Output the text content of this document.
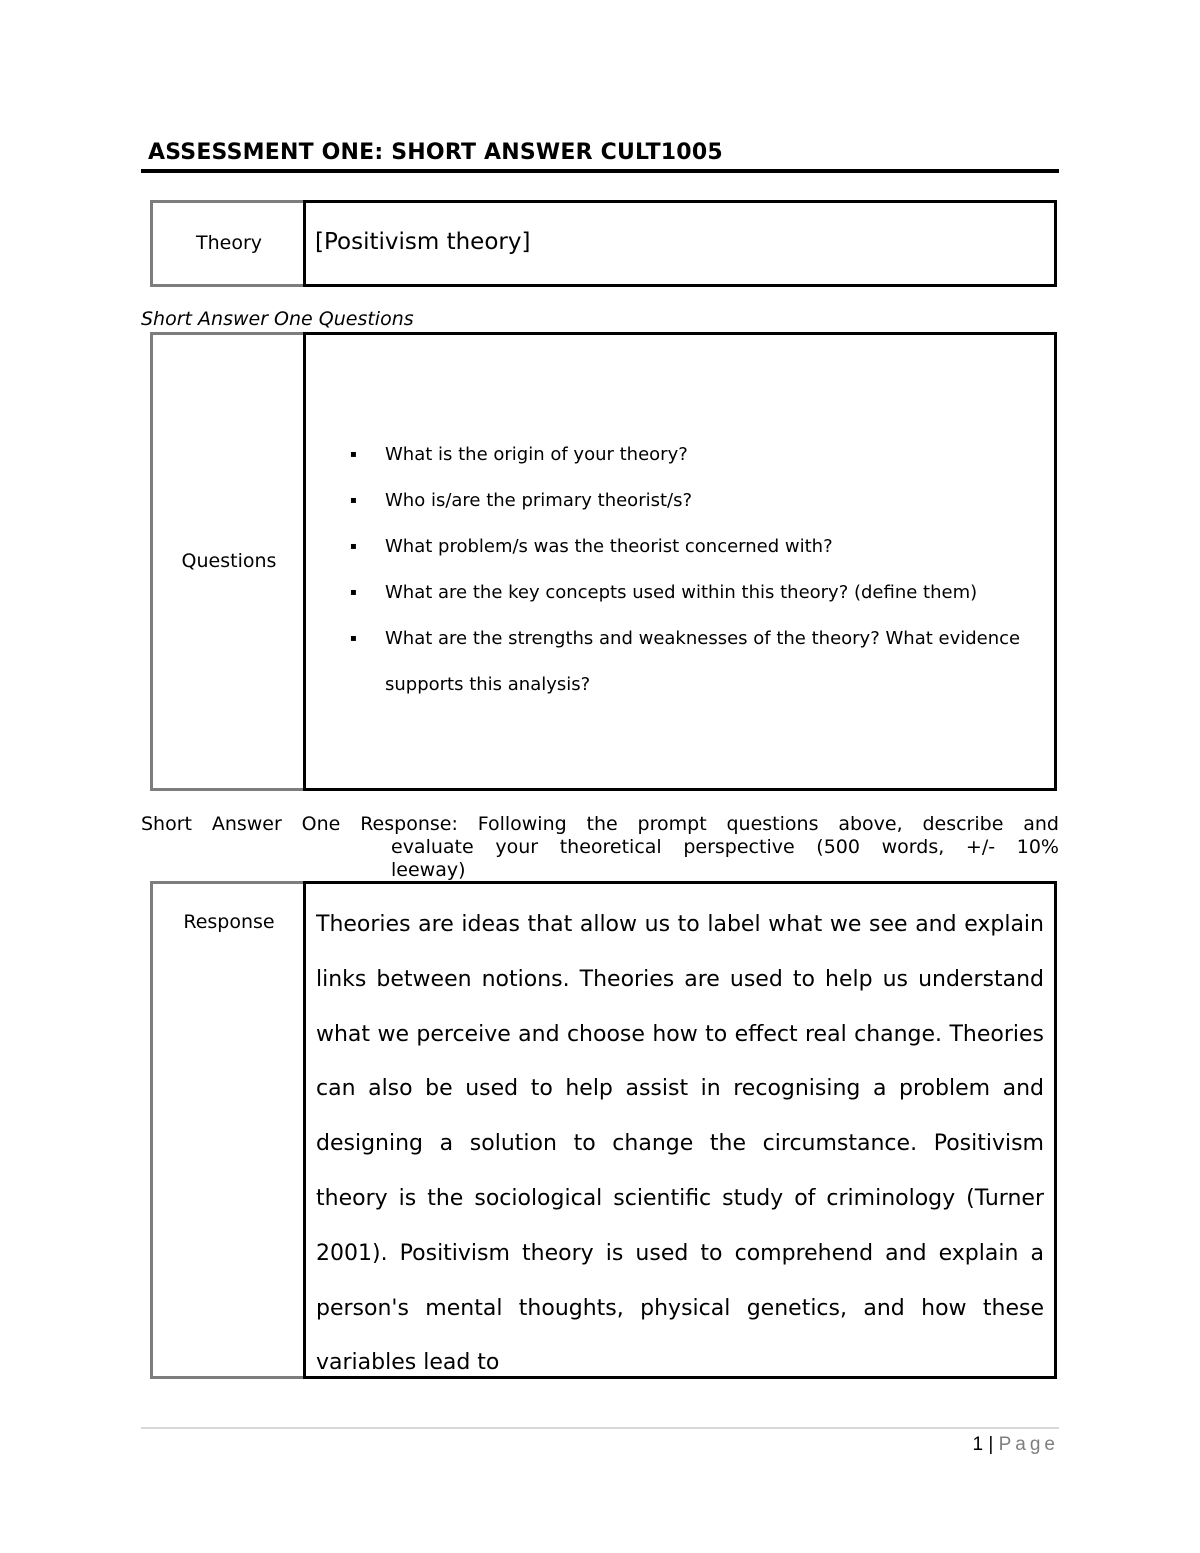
ASSESSMENT ONE: SHORT ANSWER CULT1005
Theory	[Positivism theory]
Short Answer One Questions
Questions
▪ What is the origin of your theory?
▪ Who is/are the primary theorist/s?
▪ What problem/s was the theorist concerned with?
▪ What are the key concepts used within this theory? (define them)
▪ What are the strengths and weaknesses of the theory? What evidence supports this analysis?
Short Answer One Response: Following the prompt questions above, describe and
evaluate your theoretical perspective (500 words, +/- 10%
leeway)
Response	Theories are ideas that allow us to label what we see and explain links between notions. Theories are used to help us understand what we perceive and choose how to effect real change. Theories can also be used to help assist in recognising a problem and designing a solution to change the circumstance. Positivism theory is the sociological scientific study of criminology (Turner 2001). Positivism theory is used to comprehend and explain a person's mental thoughts, physical genetics, and how these variables lead to
1 | Page
